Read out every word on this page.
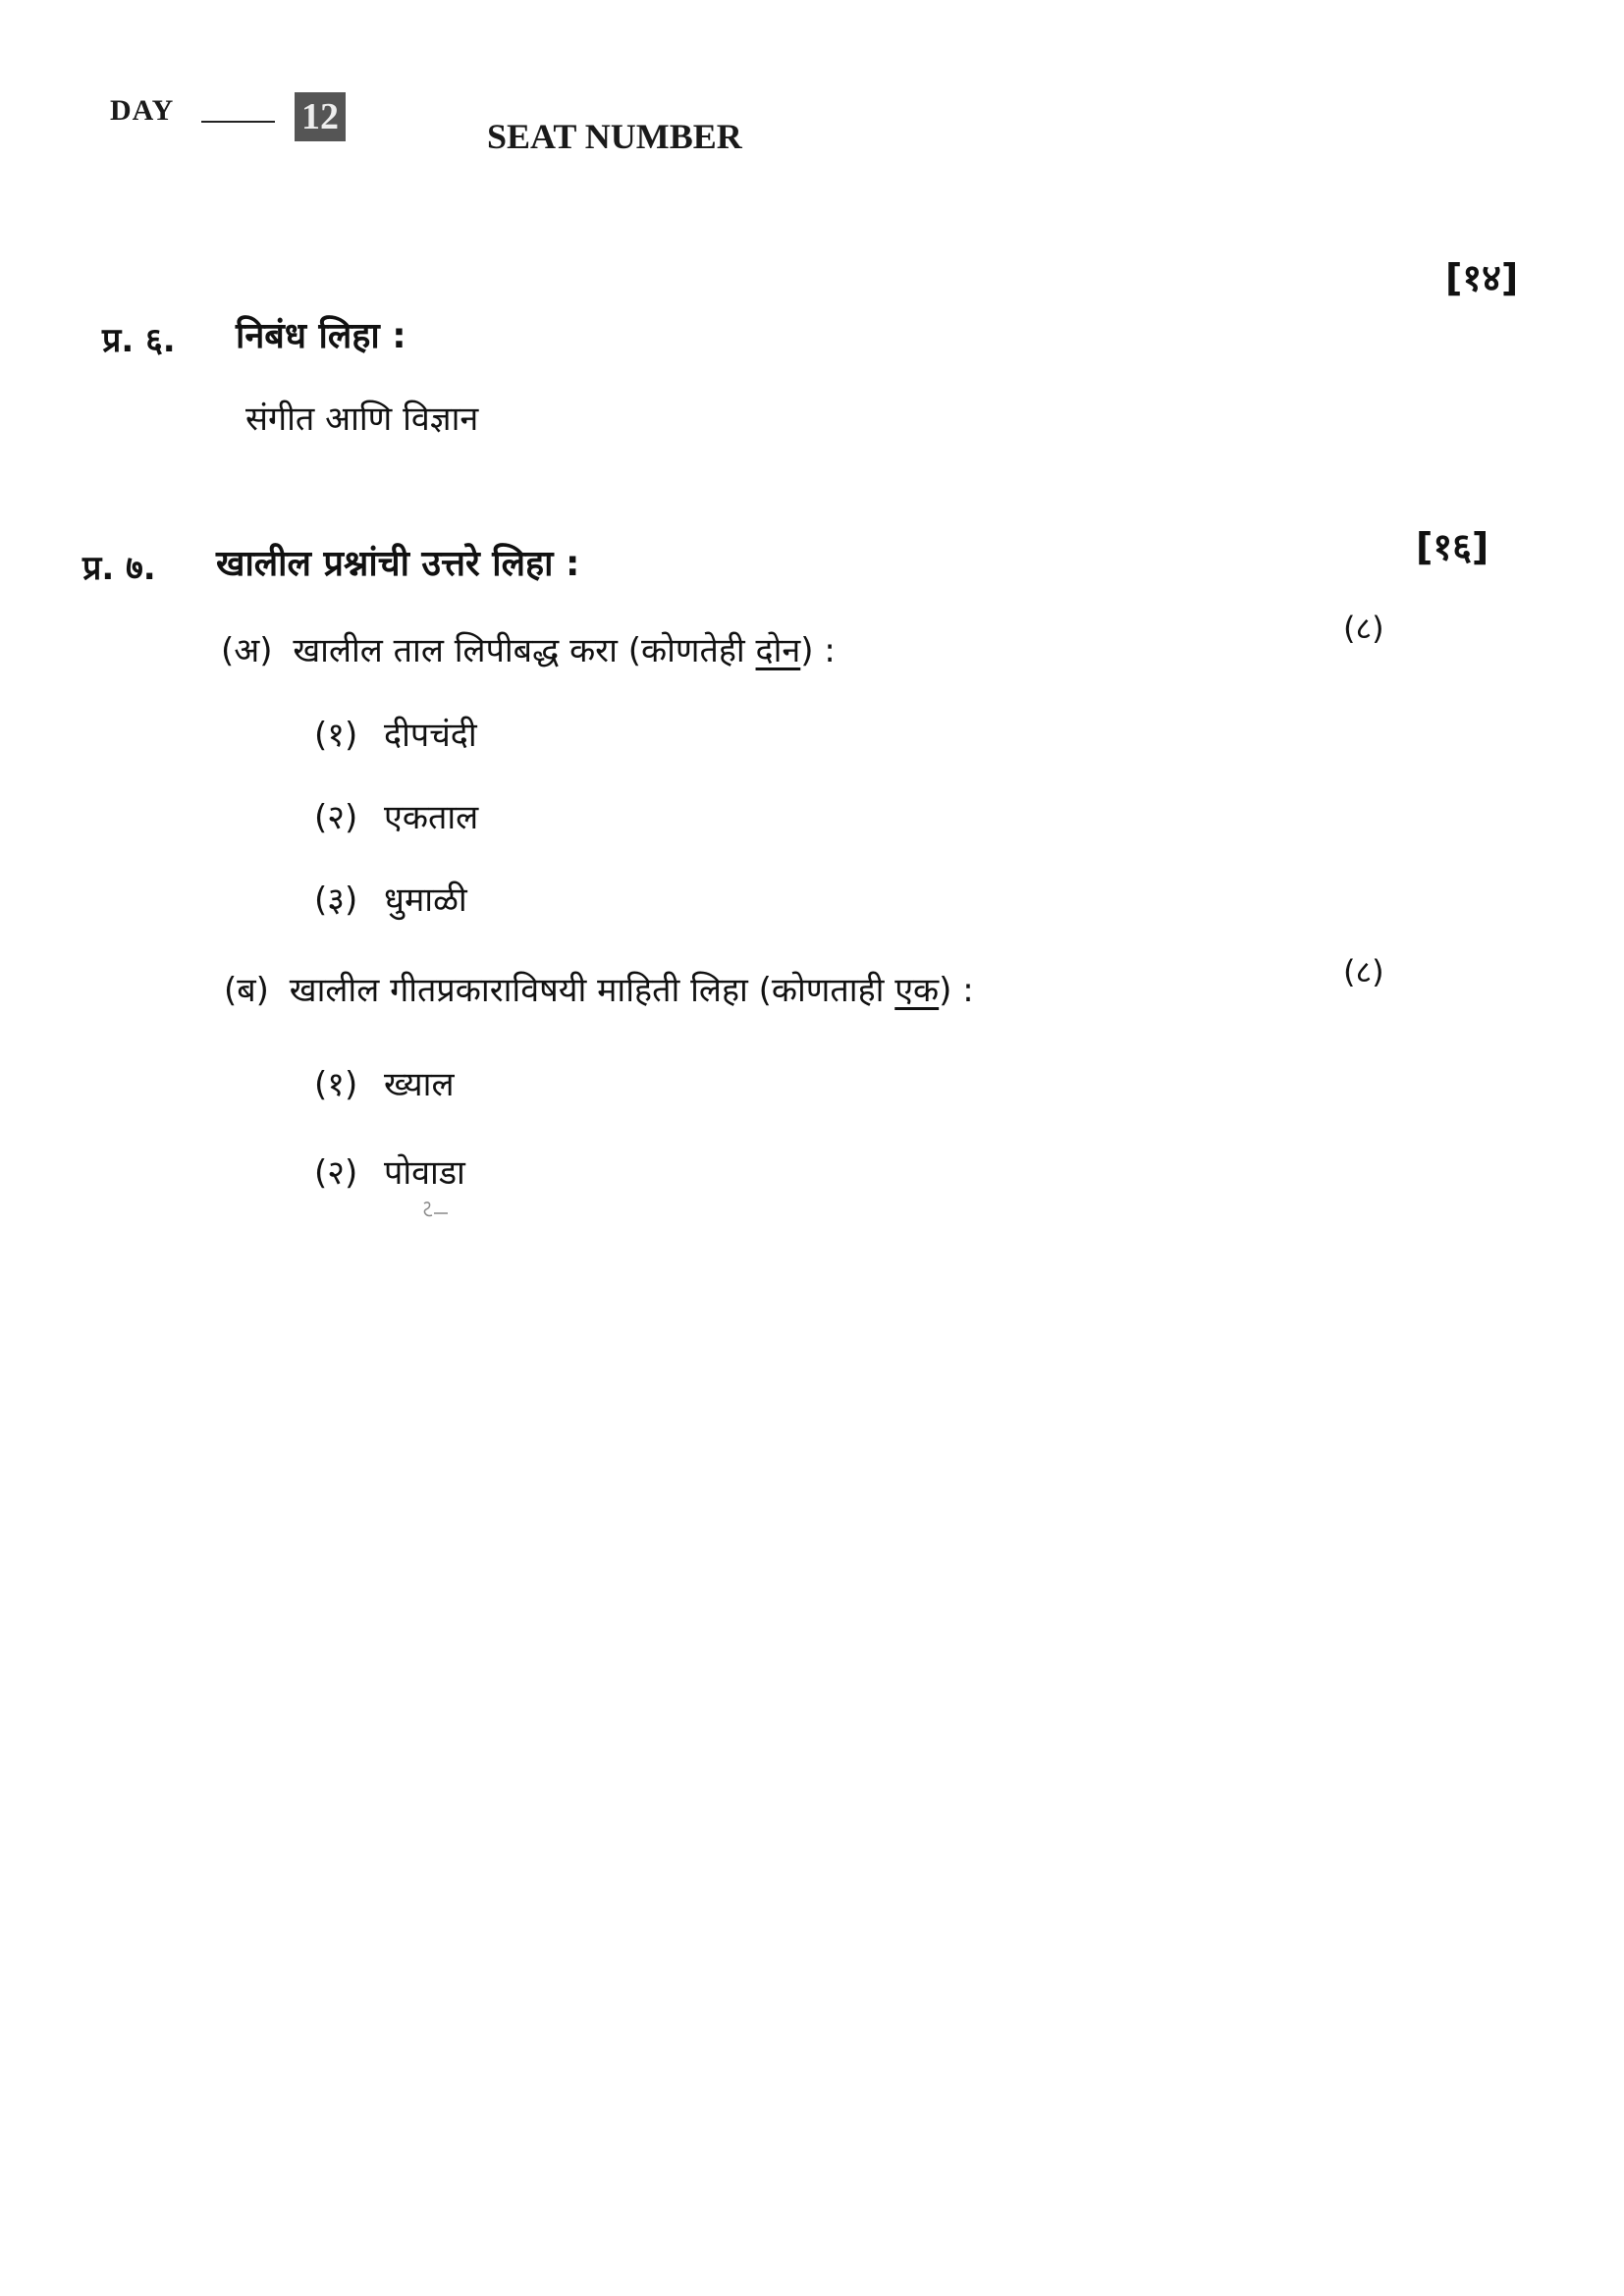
DAY	12	SEAT NUMBER
[१४]
प्र. ६. निबंध लिहा :
संगीत आणि विज्ञान
[१६]
प्र. ७. खालील प्रश्नांची उत्तरे लिहा :
(८)
(अ) खालील ताल लिपीबद्ध करा (कोणतेही दोन) :
(१) दीपचंदी
(२) एकताल
(३) धुमाळी
(८)
(ब) खालील गीतप्रकाराविषयी माहिती लिहा (कोणताही एक) :
(१) ख्याल
(२) पोवाडा
